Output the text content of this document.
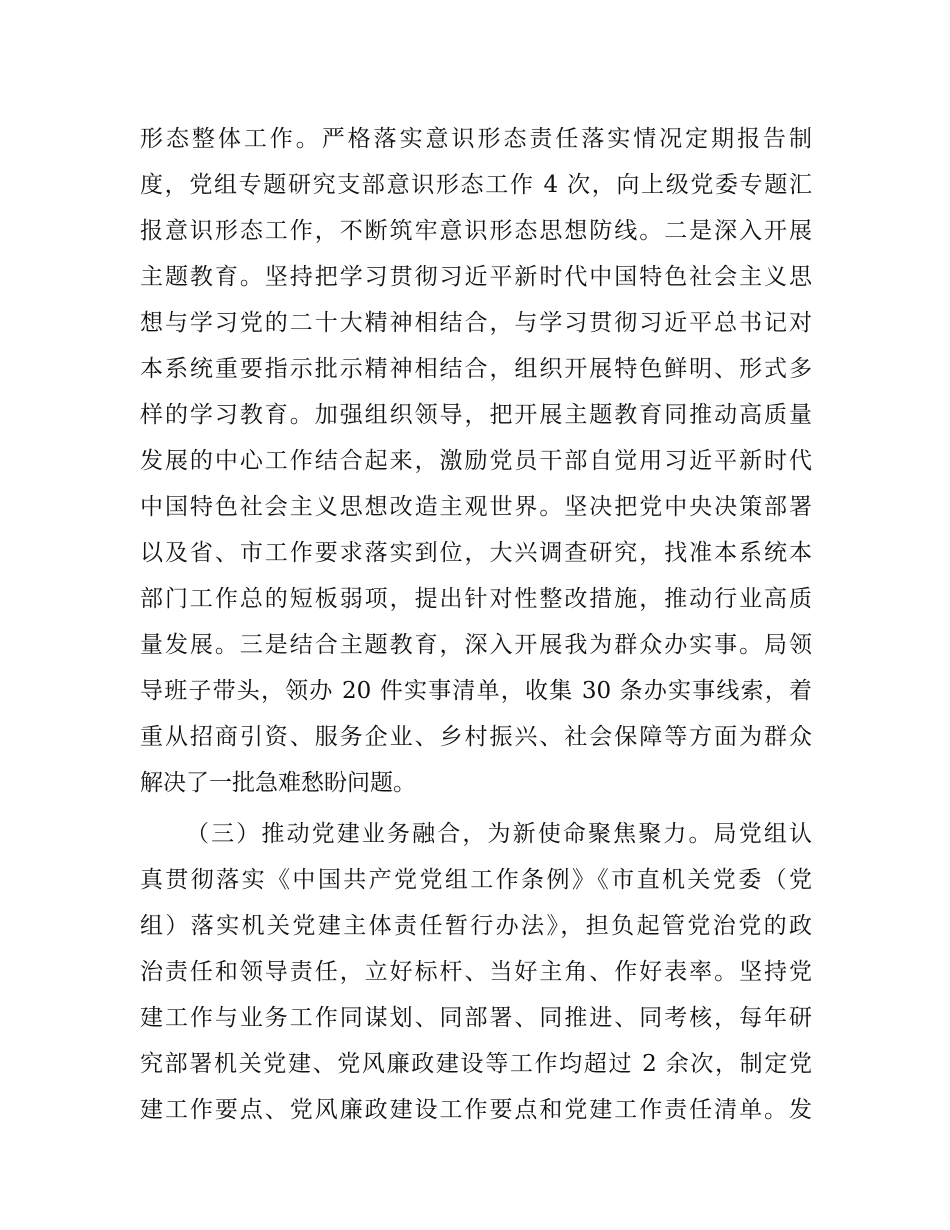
形态整体工作。严格落实意识形态责任落实情况定期报告制
度，党组专题研究支部意识形态工作 4 次，向上级党委专题汇
报意识形态工作，不断筑牢意识形态思想防线。二是深入开展
主题教育。坚持把学习贯彻习近平新时代中国特色社会主义思
想与学习党的二十大精神相结合，与学习贯彻习近平总书记对
本系统重要指示批示精神相结合，组织开展特色鲜明、形式多
样的学习教育。加强组织领导，把开展主题教育同推动高质量
发展的中心工作结合起来，激励党员干部自觉用习近平新时代
中国特色社会主义思想改造主观世界。坚决把党中央决策部署
以及省、市工作要求落实到位，大兴调查研究，找准本系统本
部门工作总的短板弱项，提出针对性整改措施，推动行业高质
量发展。三是结合主题教育，深入开展我为群众办实事。局领
导班子带头，领办 20 件实事清单，收集 30 条办实事线索，着
重从招商引资、服务企业、乡村振兴、社会保障等方面为群众
解决了一批急难愁盼问题。
（三）推动党建业务融合，为新使命聚焦聚力。局党组认
真贯彻落实《中国共产党党组工作条例》《市直机关党委（党
组）落实机关党建主体责任暂行办法》，担负起管党治党的政
治责任和领导责任，立好标杆、当好主角、作好表率。坚持党
建工作与业务工作同谋划、同部署、同推进、同考核，每年研
究部署机关党建、党风廉政建设等工作均超过 2 余次，制定党
建工作要点、党风廉政建设工作要点和党建工作责任清单。发
